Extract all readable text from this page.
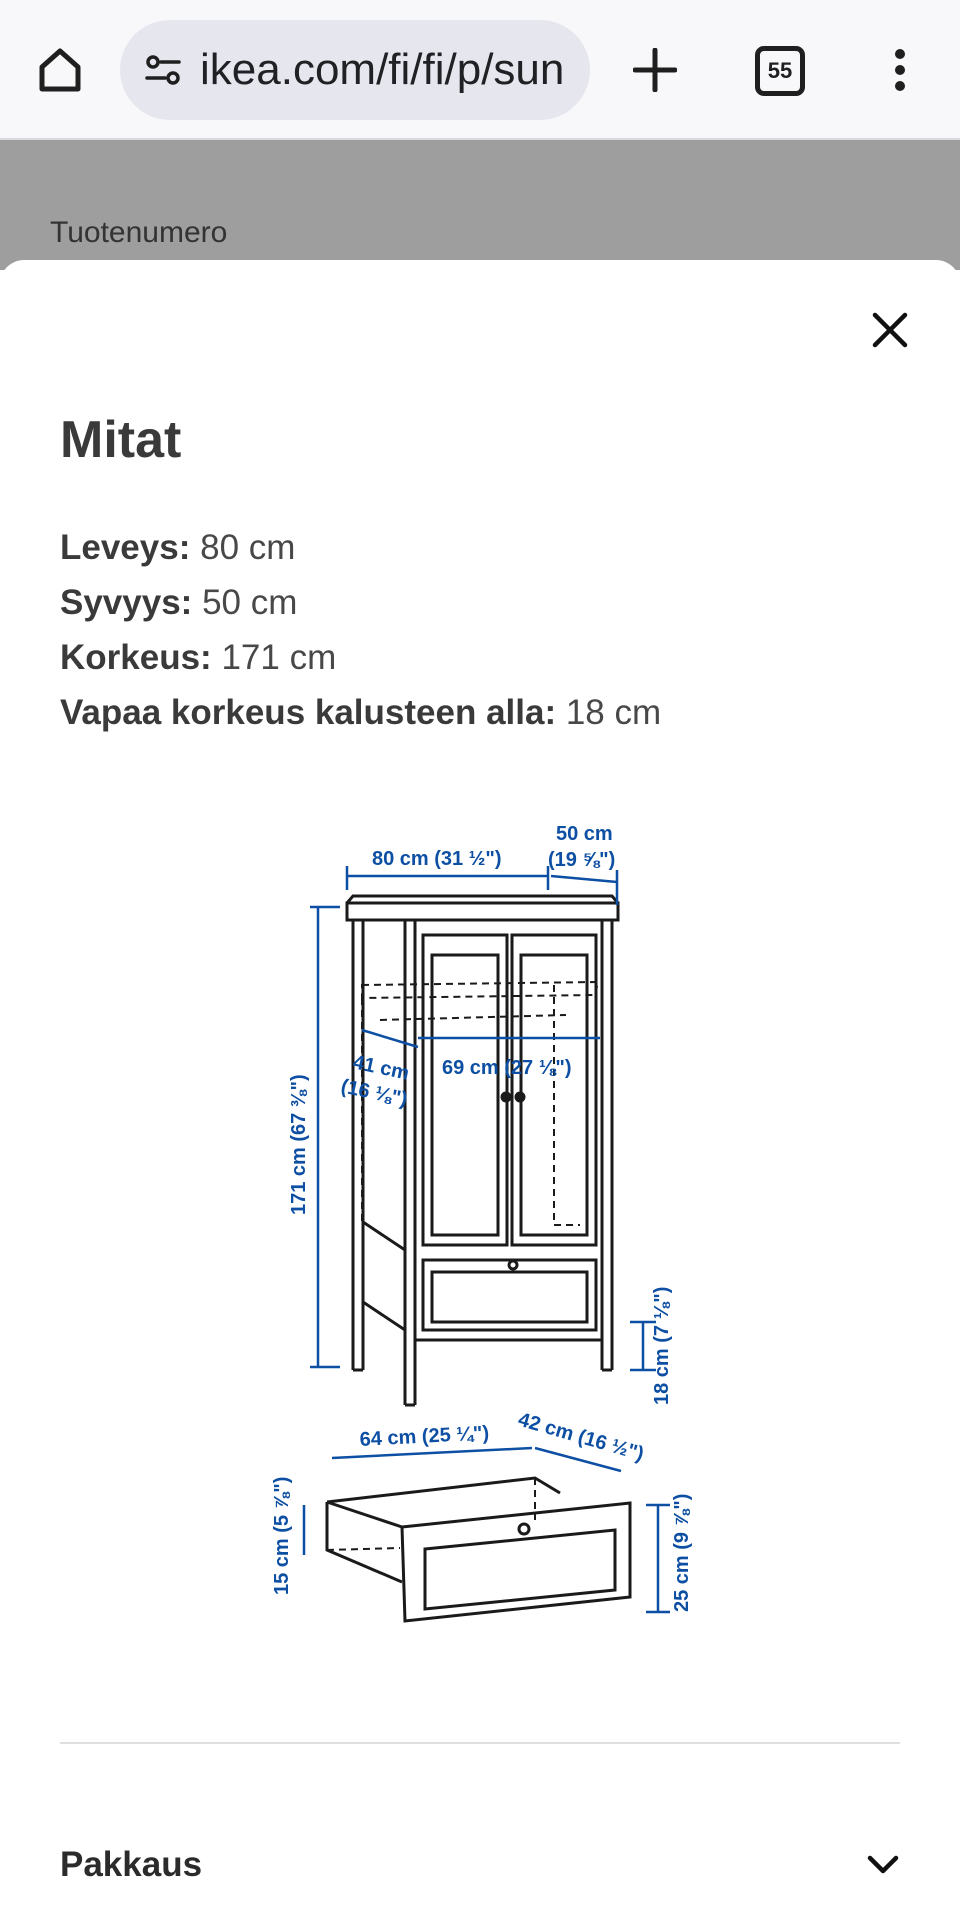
ikea.com/fi/fi/p/sun	55
Tuotenumero
Mitat
Leveys: 80 cm
Syvyys: 50 cm
Korkeus: 171 cm
Vapaa korkeus kalusteen alla: 18 cm
80 cm (31 ½")
50 cm
(19 ⅝")
171 cm (67 ⅜")
41 cm
(16 ⅛")
69 cm (27 ⅛")
18 cm (7 ⅛")
64 cm (25 ¼") 42 cm (16 ½")
15 cm (5 ⅞")	25 cm (9 ⅞")
Pakkaus
